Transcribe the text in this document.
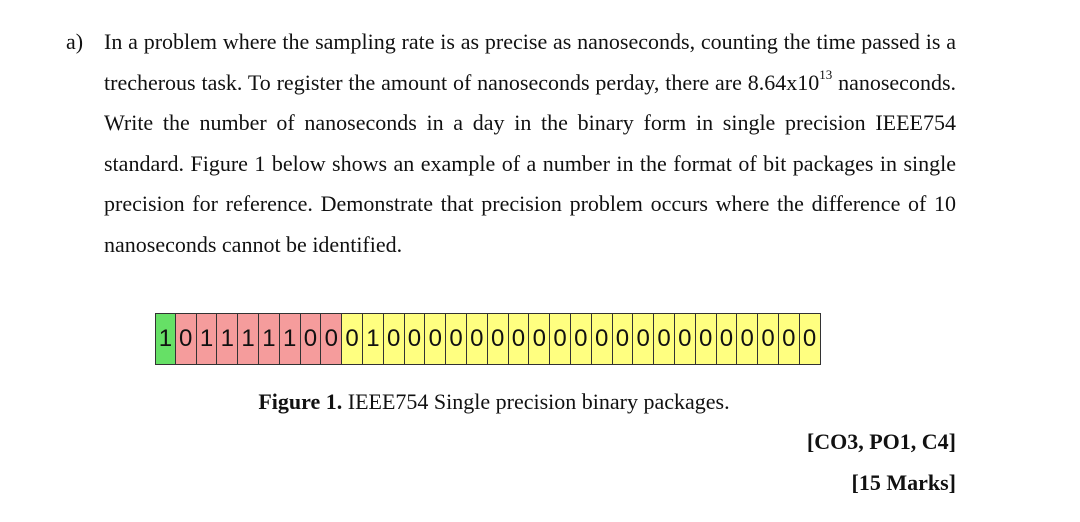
a) In a problem where the sampling rate is as precise as nanoseconds, counting the time passed is a trecherous task. To register the amount of nanoseconds perday, there are $8.64x10^{13}$ nanoseconds. Write the number of nanoseconds in a day in the binary form in single precision IEEE754 standard. Figure 1 below shows an example of a number in the format of bit packages in single precision for reference. Demonstrate that precision problem occurs where the difference of 10 nanoseconds cannot be identified.
1 0 1 1 1 1 1 0 0 0 1 0 0 0 0 0 0 0 0 0 0 0 0 0 0 0 0 0 0 0 0 0
Figure 1. IEEE754 Single precision binary packages.
[CO3, PO1, C4]
[15 Marks]
